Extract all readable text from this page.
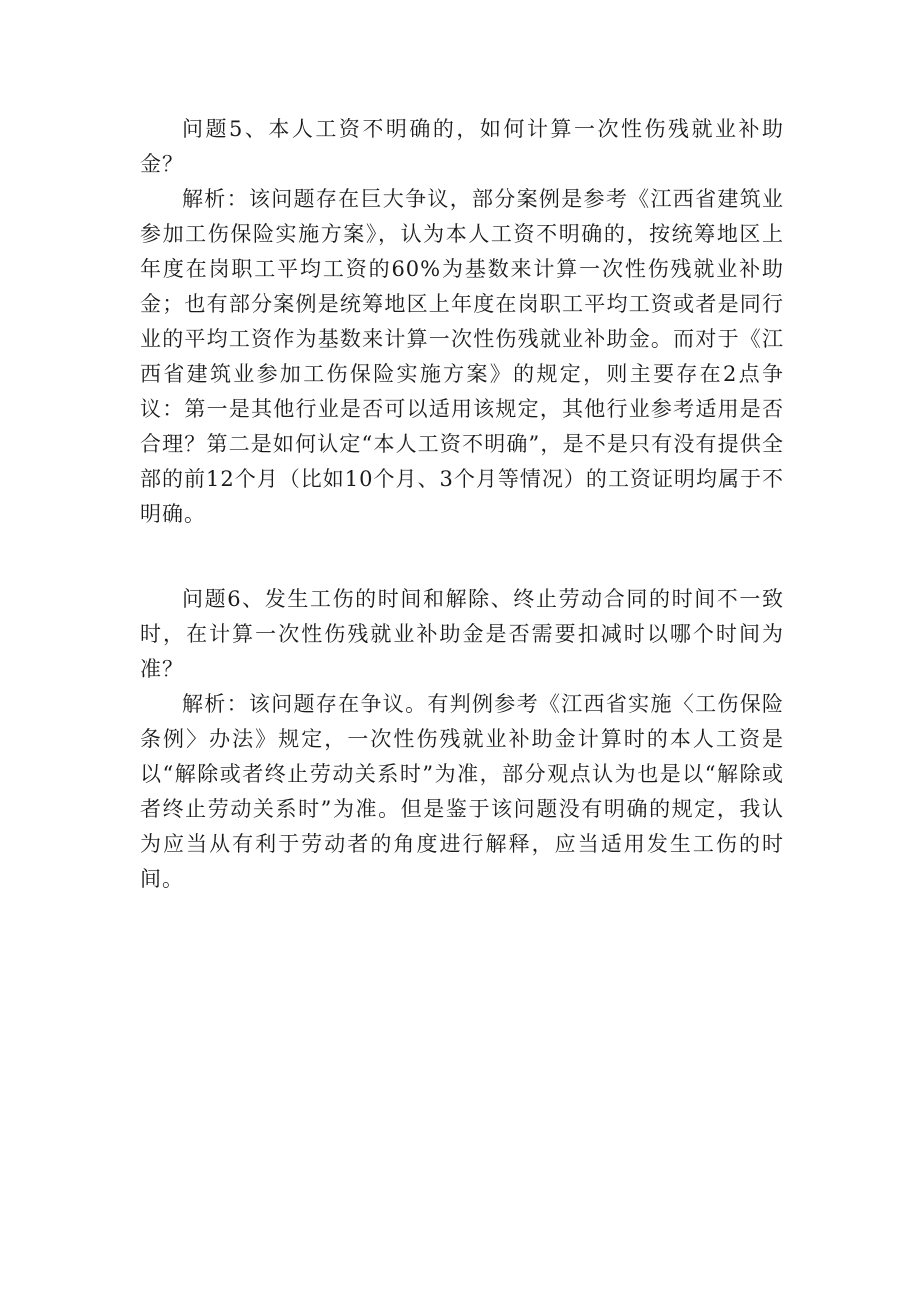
问题5、本人工资不明确的，如何计算一次性伤残就业补助金？

解析：该问题存在巨大争议，部分案例是参考《江西省建筑业参加工伤保险实施方案》，认为本人工资不明确的，按统筹地区上年度在岗职工平均工资的60%为基数来计算一次性伤残就业补助金；也有部分案例是统筹地区上年度在岗职工平均工资或者是同行业的平均工资作为基数来计算一次性伤残就业补助金。而对于《江西省建筑业参加工伤保险实施方案》的规定，则主要存在2点争议：第一是其他行业是否可以适用该规定，其他行业参考适用是否合理？第二是如何认定“本人工资不明确”，是不是只有没有提供全部的前12个月（比如10个月、3个月等情况）的工资证明均属于不明确。

问题6、发生工伤的时间和解除、终止劳动合同的时间不一致时，在计算一次性伤残就业补助金是否需要扣减时以哪个时间为准？

解析：该问题存在争议。有判例参考《江西省实施〈工伤保险条例〉办法》规定，一次性伤残就业补助金计算时的本人工资是以“解除或者终止劳动关系时”为准，部分观点认为也是以“解除或者终止劳动关系时”为准。但是鉴于该问题没有明确的规定，我认为应当从有利于劳动者的角度进行解释，应当适用发生工伤的时间。
